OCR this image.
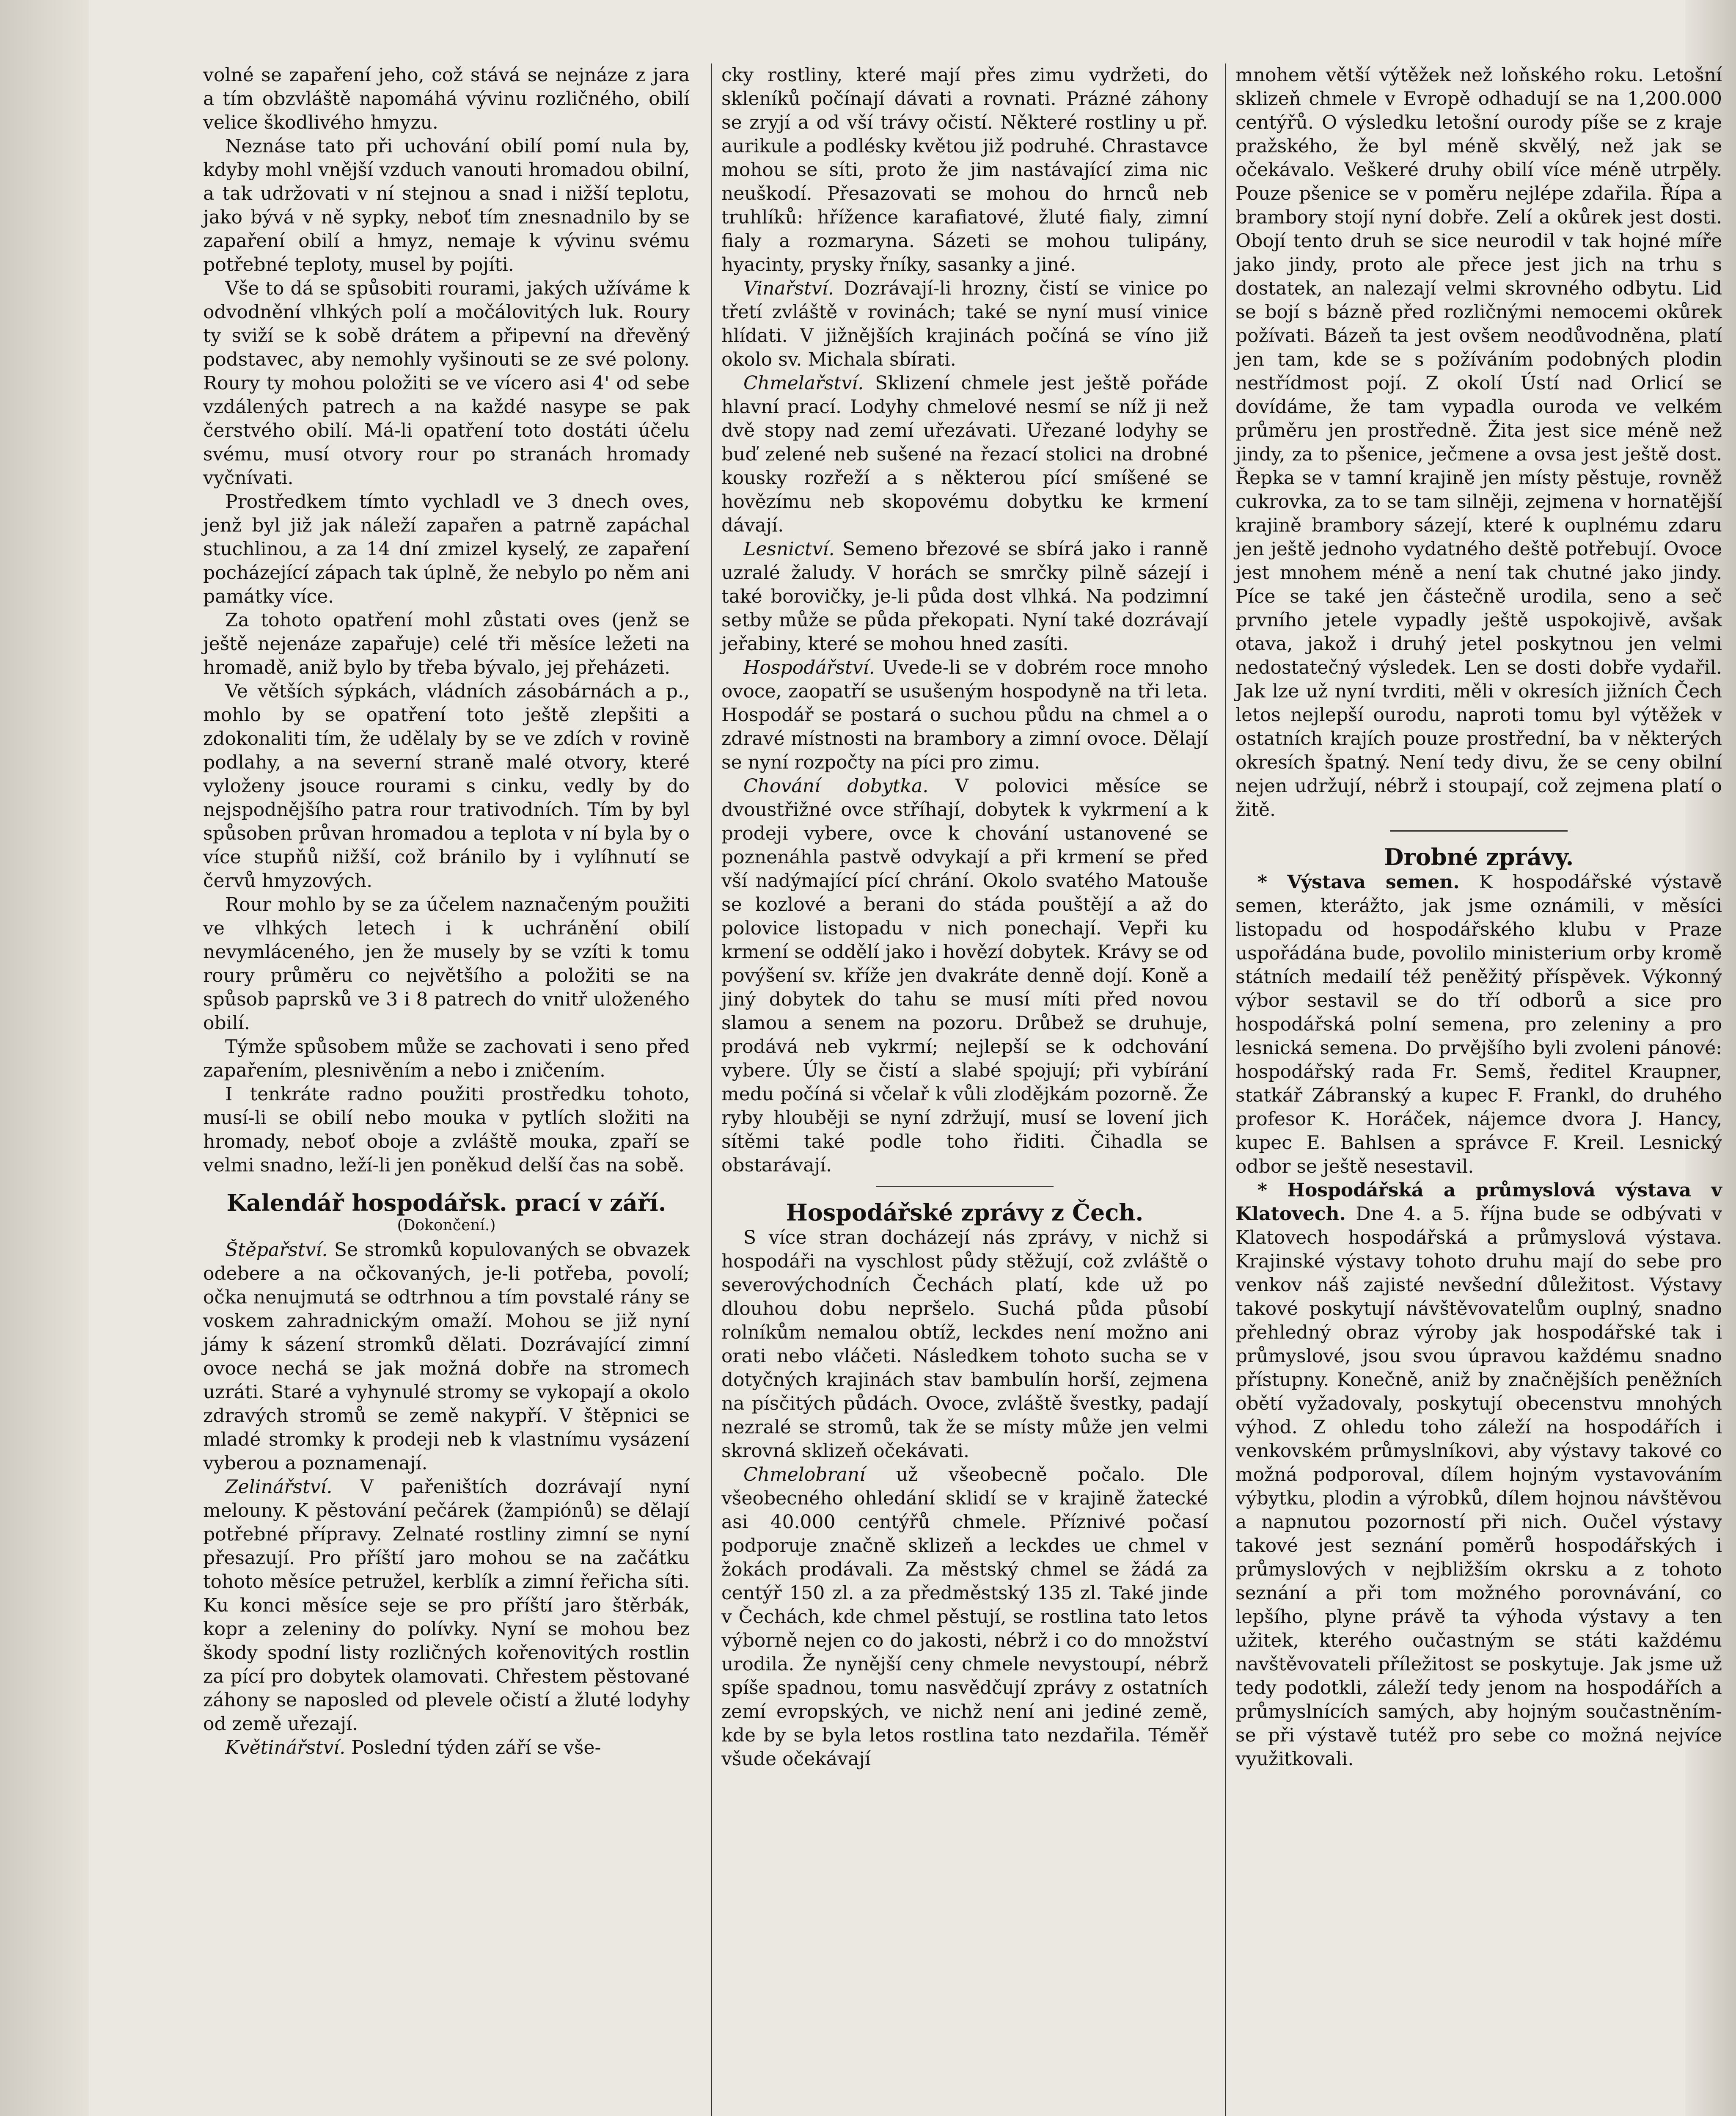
volné se zapaření jeho, což stává se nejnáze z jara a tím obzvláště napomáhá vývinu rozličného, obilí velice škodlivého hmyzu.

Neznáse tato při uchování obilí pomí nula by, kdyby mohl vnější vzduch vanouti hromadou obilní, a tak udržovati v ní stejnou a snad i nižší teplotu, jako bývá v ně sypky, neboť tím znesnadnilo by se zapaření obilí a hmyz, nemaje k vývinu svému potřebné teploty, musel by pojíti.

Vše to dá se spůsobiti rourami, jakých užíváme k odvodnění vlhkých polí a močálovitých luk. Roury ty sviží se k sobě drátem a připevní na dřevěný podstavec, aby nemohly vyšinouti se ze své polony. Roury ty mohou položiti se ve vícero asi 4' od sebe vzdálených patrech a na každé nasype se pak čerstvého obilí. Má-li opatření toto dostáti účelu svému, musí otvory rour po stranách hromady vyčnívati.

Prostředkem tímto vychladl ve 3 dnech oves, jenž byl již jak náleží zapařen a patrně zapáchal stuchlinou, a za 14 dní zmizel kyselý, ze zapaření pocházející zápach tak úplně, že nebylo po něm ani památky více.

Za tohoto opatření mohl zůstati oves (jenž se ještě nejenáze zapařuje) celé tři měsíce ležeti na hromadě, aniž bylo by třeba bývalo, jej přeházeti.

Ve větších sýpkách, vládních zásobárnách a p., mohlo by se opatření toto ještě zlepšiti a zdokonaliti tím, že udělaly by se ve zdích v rovině podlahy, a na severní straně malé otvory, které vyloženy jsouce rourami s cinku, vedly by do nejspodnějšího patra rour trativodních. Tím by byl spůsoben průvan hromadou a teplota v ní byla by o více stupňů nižší, což bránilo by i vylíhnutí se červů hmyzových.

Rour mohlo by se za účelem naznačeným použiti ve vlhkých letech i k uchránění obilí nevymláceného, jen že musely by se vzíti k tomu roury průměru co největšího a položiti se na spůsob paprsků ve 3 i 8 patrech do vnitř uloženého obilí.

Týmže spůsobem může se zachovati i seno před zapařením, plesnivěním a nebo i zničením.

I tenkráte radno použiti prostředku tohoto, musí-li se obilí nebo mouka v pytlích složiti na hromady, neboť oboje a zvláště mouka, zpaří se velmi snadno, leží-li jen poněkud delší čas na sobě.

Kalendář hospodářsk. prací v září.
(Dokončení.)

Štěpařství. Se stromků kopulovaných se obvazek odebere a na očkovaných, je-li potřeba, povolí; očka nenujmutá se odtrhnou a tím povstalé rány se voskem zahradnickým omaží. Mohou se již nyní jámy k sázení stromků dělati. Dozrávající zimní ovoce nechá se jak možná dobře na stromech uzráti. Staré a vyhynulé stromy se vykopají a okolo zdravých stromů se země nakypří. V štěpnici se mladé stromky k prodeji neb k vlastnímu vysázení vyberou a poznamenají.

Zelinářství. V pařeništích dozrávají nyní melouny. K pěstování pečárek (žampiónů) se dělají potřebné přípravy. Zelnaté rostliny zimní se nyní přesazují. Pro příští jaro mohou se na začátku tohoto měsíce petružel, kerblík a zimní řeřicha síti. Ku konci měsíce seje se pro příští jaro štěrbák, kopr a zeleniny do polívky. Nyní se mohou bez škody spodní listy rozličných kořenovitých rostlin za pící pro dobytek olamovati. Chřestem pěstované záhony se naposled od plevele očistí a žluté lodyhy od země uřezají.

Květinářství. Poslední týden září se vše-

cky rostliny, které mají přes zimu vydržeti, do skleníků počínají dávati a rovnati. Prázné záhony se zryjí a od vší trávy očistí. Některé rostliny u př. aurikule a podlésky květou již podruhé. Chrastavce mohou se síti, proto že jim nastávající zima nic neuškodí. Přesazovati se mohou do hrnců neb truhlíků: hřížence karafiatové, žluté fialy, zimní fialy a rozmaryna. Sázeti se mohou tulipány, hyacinty, prysky řníky, sasanky a jiné.

Vinařství. Dozrávají-li hrozny, čistí se vinice po třetí zvláště v rovinách; také se nyní musí vinice hlídati. V jižnějších krajinách počíná se víno již okolo sv. Michala sbírati.

Chmelařství. Sklizení chmele jest ještě pořáde hlavní prací. Lodyhy chmelové nesmí se níž ji než dvě stopy nad zemí uřezávati. Uřezané lodyhy se buď zelené neb sušené na řezací stolici na drobné kousky rozřeží a s některou pící smíšené se hovězímu neb skopovému dobytku ke krmení dávají.

Lesnictví. Semeno březové se sbírá jako i ranně uzralé žaludy. V horách se smrčky pilně sázejí i také borovičky, je-li půda dost vlhká. Na podzimní setby může se půda překopati. Nyní také dozrávají jeřabiny, které se mohou hned zasíti.

Hospodářství. Uvede-li se v dobrém roce mnoho ovoce, zaopatří se usušeným hospodyně na tři leta. Hospodář se postará o suchou půdu na chmel a o zdravé místnosti na brambory a zimní ovoce. Dělají se nyní rozpočty na píci pro zimu.

Chování dobytka. V polovici měsíce se dvoustřižné ovce stříhají, dobytek k vykrmení a k prodeji vybere, ovce k chování ustanovené se poznenáhla pastvě odvykají a při krmení se před vší nadýmající pící chrání. Okolo svatého Matouše se kozlové a berani do stáda pouštějí a až do polovice listopadu v nich ponechají. Vepři ku krmení se oddělí jako i hovězí dobytek. Krávy se od povýšení sv. kříže jen dvakráte denně dojí. Koně a jiný dobytek do tahu se musí míti před novou slamou a senem na pozoru. Drůbež se druhuje, prodává neb vykrmí; nejlepší se k odchování vybere. Úly se čistí a slabé spojují; při vybírání medu počíná si včelař k vůli zlodějkám pozorně. Že ryby hlouběji se nyní zdržují, musí se lovení jich sítěmi také podle toho řiditi. Čihadla se obstarávají.

Hospodářské zprávy z Čech.

S více stran docházejí nás zprávy, v nichž si hospodáři na vyschlost půdy stěžují, což zvláště o severovýchodních Čechách platí, kde už po dlouhou dobu nepršelo. Suchá půda působí rolníkům nemalou obtíž, leckdes není možno ani orati nebo vláčeti. Následkem tohoto sucha se v dotyčných krajinách stav bambulín horší, zejmena na písčitých půdách. Ovoce, zvláště švestky, padají nezralé se stromů, tak že se místy může jen velmi skrovná sklizeň očekávati.

Chmelobraní už všeobecně počalo. Dle všeobecného ohledání sklidí se v krajině žatecké asi 40.000 centýřů chmele. Příznivé počasí podporuje značně sklizeň a leckdes ue chmel v žokách prodávali. Za městský chmel se žádá za centýř 150 zl. a za předměstský 135 zl. Také jinde v Čechách, kde chmel pěstují, se rostlina tato letos výborně nejen co do jakosti, nébrž i co do množství urodila. Že nynější ceny chmele nevystoupí, nébrž spíše spadnou, tomu nasvědčují zprávy z ostatních zemí evropských, ve nichž není ani jediné země, kde by se byla letos rostlina tato nezdařila. Téměř všude očekávají

mnohem větší výtěžek než loňského roku. Letošní sklizeň chmele v Evropě odhadují se na 1,200.000 centýřů. O výsledku letošní ourody píše se z kraje pražského, že byl méně skvělý, než jak se očekávalo. Veškeré druhy obilí více méně utrpěly. Pouze pšenice se v poměru nejlépe zdařila. Řípa a brambory stojí nyní dobře. Zelí a okůrek jest dosti. Obojí tento druh se sice neurodil v tak hojné míře jako jindy, proto ale přece jest jich na trhu s dostatek, an nalezají velmi skrovného odbytu. Lid se bojí s bázně před rozličnými nemocemi okůrek požívati. Bázeň ta jest ovšem neodůvodněna, platí jen tam, kde se s požíváním podobných plodin nestřídmost pojí. Z okolí Ústí nad Orlicí se dovídáme, že tam vypadla ouroda ve velkém průměru jen prostředně. Žita jest sice méně než jindy, za to pšenice, ječmene a ovsa jest ještě dost. Řepka se v tamní krajině jen místy pěstuje, rovněž cukrovka, za to se tam silněji, zejmena v hornatější krajině brambory sázejí, které k ouplnému zdaru jen ještě jednoho vydatného deště potřebují. Ovoce jest mnohem méně a není tak chutné jako jindy. Píce se také jen částečně urodila, seno a seč prvního jetele vypadly ještě uspokojivě, avšak otava, jakož i druhý jetel poskytnou jen velmi nedostatečný výsledek. Len se dosti dobře vydařil. Jak lze už nyní tvrditi, měli v okresích jižních Čech letos nejlepší ourodu, naproti tomu byl výtěžek v ostatních krajích pouze prostřední, ba v některých okresích špatný. Není tedy divu, že se ceny obilní nejen udržují, nébrž i stoupají, což zejmena platí o žitě.

Drobné zprávy.

* Výstava semen. K hospodářské výstavě semen, kterážto, jak jsme oznámili, v měsíci listopadu od hospodářského klubu v Praze uspořádána bude, povolilo ministerium orby kromě státních medailí též peněžitý příspěvek. Výkonný výbor sestavil se do tří odborů a sice pro hospodářská polní semena, pro zeleniny a pro lesnická semena. Do prvějšího byli zvoleni pánové: hospodářský rada Fr. Semš, ředitel Kraupner, statkář Zábranský a kupec F. Frankl, do druhého profesor K. Horáček, nájemce dvora J. Hancy, kupec E. Bahlsen a správce F. Kreil. Lesnický odbor se ještě nesestavil.

* Hospodářská a průmyslová výstava v Klatovech. Dne 4. a 5. října bude se odbývati v Klatovech hospodářská a průmyslová výstava. Krajinské výstavy tohoto druhu mají do sebe pro venkov náš zajisté nevšední důležitost. Výstavy takové poskytují návštěvovatelům ouplný, snadno přehledný obraz výroby jak hospodářské tak i průmyslové, jsou svou úpravou každému snadno přístupny. Konečně, aniž by značnějších peněžních obětí vyžadovaly, poskytují obecenstvu mnohých výhod. Z ohledu toho záleží na hospodářích i venkovském průmyslníkovi, aby výstavy takové co možná podporoval, dílem hojným vystavováním výbytku, plodin a výrobků, dílem hojnou návštěvou a napnutou pozorností při nich. Oučel výstavy takové jest seznání poměrů hospodářských i průmyslových v nejbližším okrsku a z tohoto seznání a při tom možného porovnávání, co lepšího, plyne právě ta výhoda výstavy a ten užitek, kterého oučastným se státi každému navštěvovateli příležitost se poskytuje. Jak jsme už tedy podotkli, záleží tedy jenom na hospodářích a průmyslnících samých, aby hojným součastněním-se při výstavě tutéž pro sebe co možná nejvíce využitkovali.
